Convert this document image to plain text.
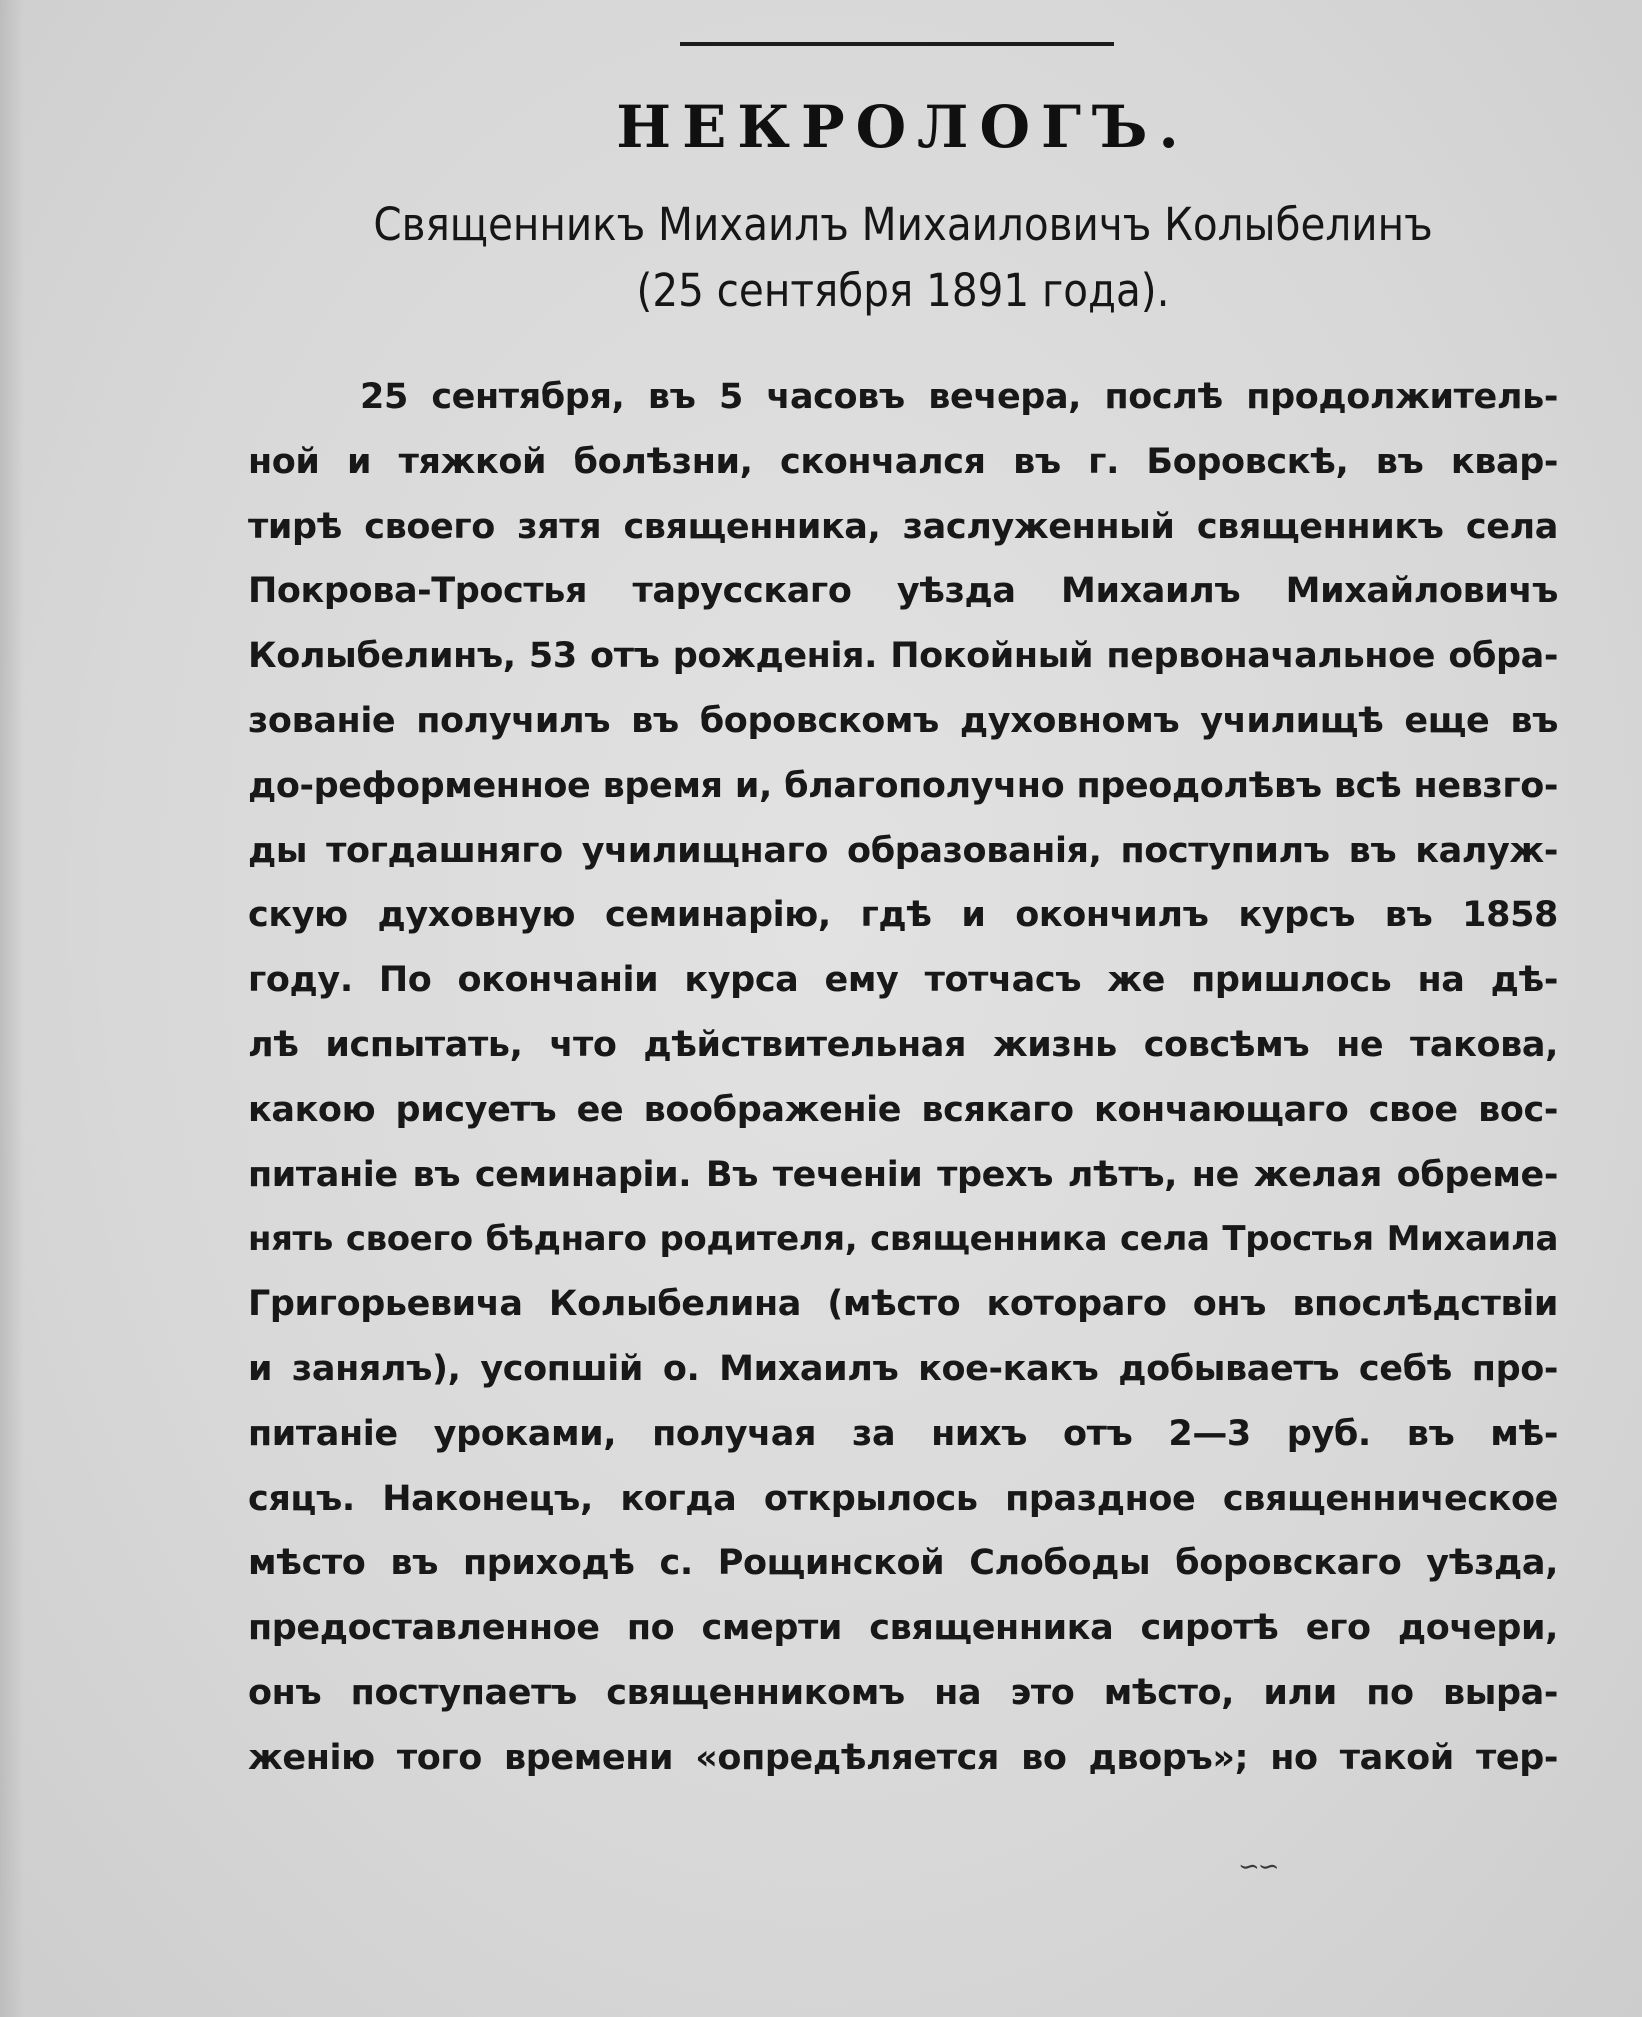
НЕКРОЛОГЪ.
Священникъ Михаилъ Михаиловичъ Колыбелинъ
(25 сентября 1891 года).
25 сентября, въ 5 часовъ вечера, послѣ продолжитель-
ной и тяжкой болѣзни, скончался въ г. Боровскѣ, въ квар-
тирѣ своего зятя священника, заслуженный священникъ села
Покрова-Тростья тарусскаго уѣзда Михаилъ Михайловичъ
Колыбелинъ, 53 отъ рожденія. Покойный первоначальное обра-
зованіе получилъ въ боровскомъ духовномъ училищѣ еще въ
до-реформенное время и, благополучно преодолѣвъ всѣ невзго-
ды тогдашняго училищнаго образованія, поступилъ въ калуж-
скую духовную семинарію, гдѣ и окончилъ курсъ въ 1858
году. По окончаніи курса ему тотчасъ же пришлось на дѣ-
лѣ испытать, что дѣйствительная жизнь совсѣмъ не такова,
какою рисуетъ ее воображеніе всякаго кончающаго свое вос-
питаніе въ семинаріи. Въ теченіи трехъ лѣтъ, не желая обреме-
нять своего бѣднаго родителя, священника села Тростья Михаила
Григорьевича Колыбелина (мѣсто котораго онъ впослѣдствіи
и занялъ), усопшій о. Михаилъ кое-какъ добываетъ себѣ про-
питаніе уроками, получая за нихъ отъ 2—3 руб. въ мѣ-
сяцъ. Наконецъ, когда открылось праздное священническое
мѣсто въ приходѣ с. Рощинской Слободы боровскаго уѣзда,
предоставленное по смерти священника сиротѣ его дочери,
онъ поступаетъ священникомъ на это мѣсто, или по выра-
женію того времени «опредѣляется во дворъ»; но такой тер-
∽∽
